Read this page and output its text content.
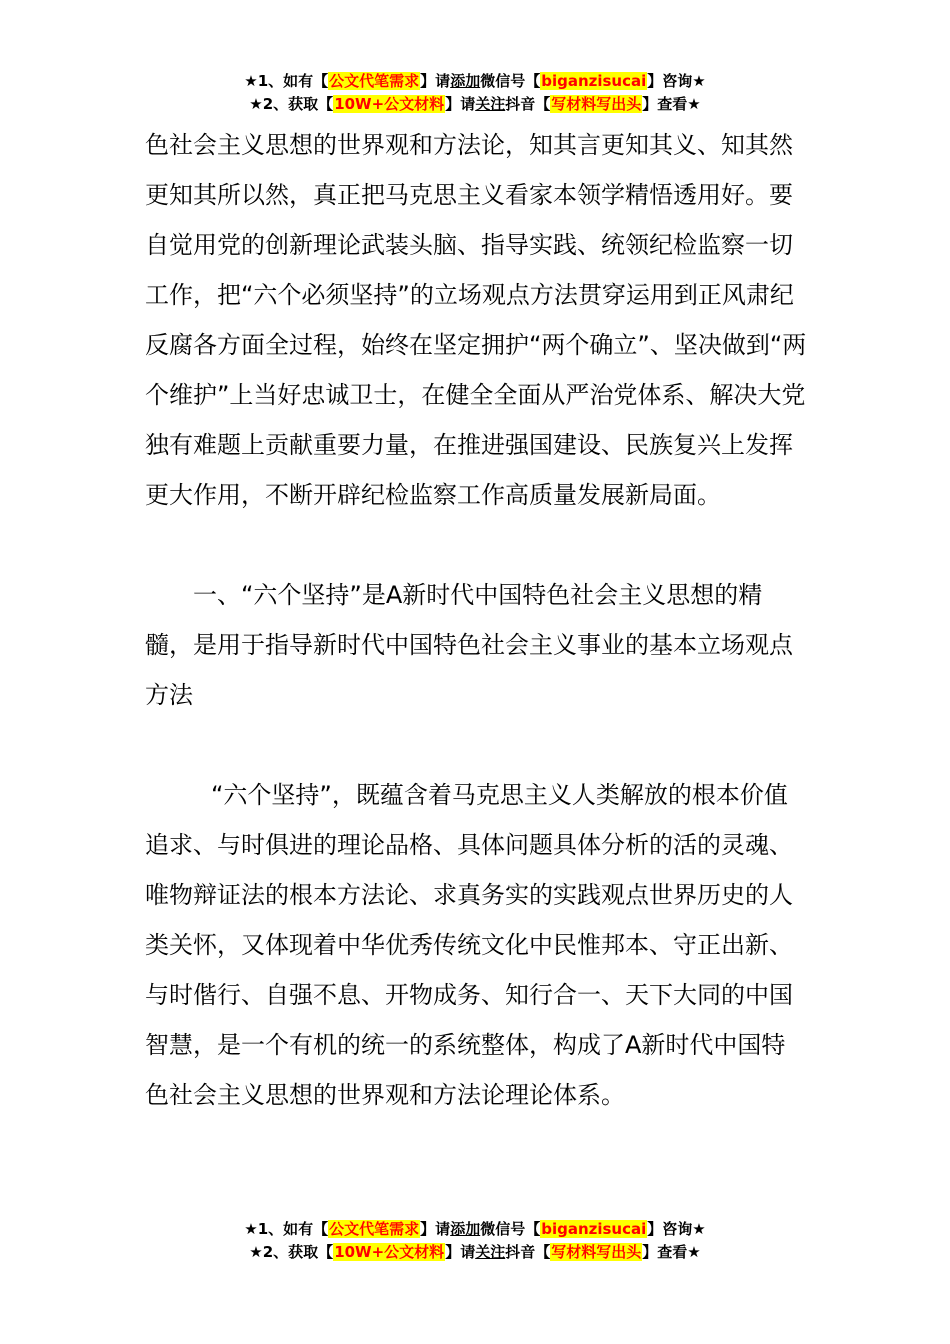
★1、如有【公文代笔需求】请添加微信号【biganzisucai】咨询★
★2、获取【10W+公文材料】请关注抖音【写材料写出头】查看★

色社会主义思想的世界观和方法论，知其言更知其义、知其然更知其所以然，真正把马克思主义看家本领学精悟透用好。要自觉用党的创新理论武装头脑、指导实践、统领纪检监察一切工作，把“六个必须坚持”的立场观点方法贯穿运用到正风肃纪反腐各方面全过程，始终在坚定拥护“两个确立”、坚决做到“两个维护”上当好忠诚卫士，在健全全面从严治党体系、解决大党独有难题上贡献重要力量，在推进强国建设、民族复兴上发挥更大作用，不断开辟纪检监察工作高质量发展新局面。

一、“六个坚持”是A新时代中国特色社会主义思想的精髓，是用于指导新时代中国特色社会主义事业的基本立场观点方法

“六个坚持”，既蕴含着马克思主义人类解放的根本价值追求、与时俱进的理论品格、具体问题具体分析的活的灵魂、唯物辩证法的根本方法论、求真务实的实践观点世界历史的人类关怀，又体现着中华优秀传统文化中民惟邦本、守正出新、与时偕行、自强不息、开物成务、知行合一、天下大同的中国智慧，是一个有机的统一的系统整体，构成了A新时代中国特色社会主义思想的世界观和方法论理论体系。

★1、如有【公文代笔需求】请添加微信号【biganzisucai】咨询★
★2、获取【10W+公文材料】请关注抖音【写材料写出头】查看★
